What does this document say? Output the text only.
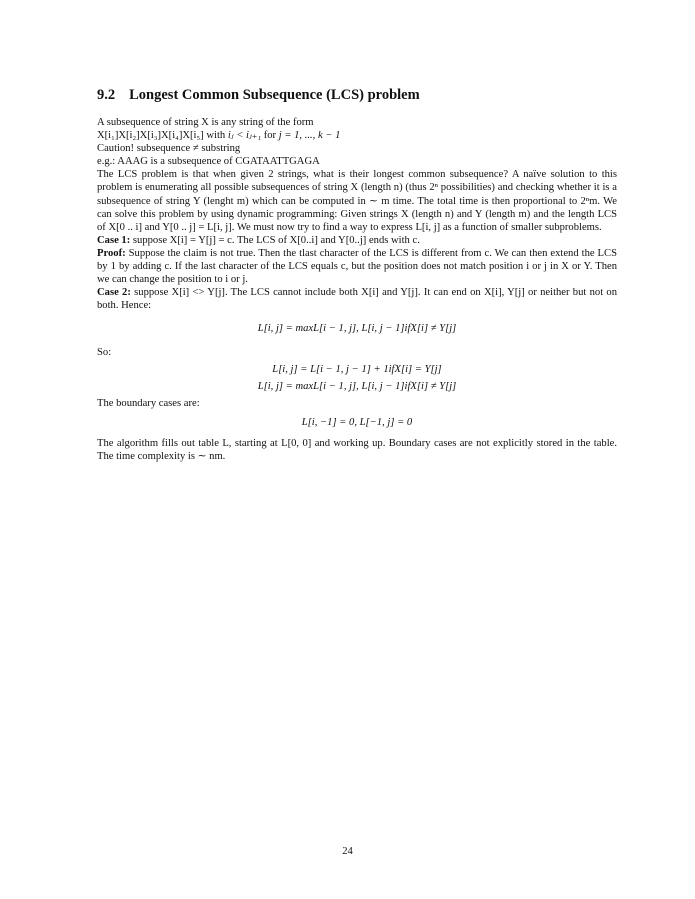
9.2 Longest Common Subsequence (LCS) problem
A subsequence of string X is any string of the form
X[i₁]X[i₂]X[i₃]X[i₄]X[i₅] with iⱼ < iⱼ₊₁ for j = 1, ..., k − 1
Caution! subsequence ≠ substring
e.g.: AAAG is a subsequence of CGATAATTGAGA

The LCS problem is that when given 2 strings, what is their longest common subsequence? A naïve solution to this problem is enumerating all possible subsequences of string X (length n) (thus 2ⁿ possibilities) and checking whether it is a subsequence of string Y (lenght m) which can be computed in ∼ m time. The total time is then proportional to 2ⁿm. We can solve this problem by using dynamic programming: Given strings X (length n) and Y (length m) and the length LCS of X[0 .. i] and Y[0 .. j] = L[i, j]. We must now try to find a way to express L[i, j] as a function of smaller subproblems.

Case 1: suppose X[i] = Y[j] = c. The LCS of X[0..i] and Y[0..j] ends with c.

Proof: Suppose the claim is not true. Then the tlast character of the LCS is different from c. We can then extend the LCS by 1 by adding c. If the last character of the LCS equals c, but the position does not match position i or j in X or Y. Then we can change the position to i or j.

Case 2: suppose X[i] <> Y[j]. The LCS cannot include both X[i] and Y[j]. It can end on X[i], Y[j] or neither but not on both. Hence:

L[i, j] = maxL[i − 1, j], L[i, j − 1]ifX[i] ≠ Y[j]
So:
L[i, j] = L[i − 1, j − 1] + 1ifX[i] = Y[j]
L[i, j] = maxL[i − 1, j], L[i, j − 1]ifX[i] ≠ Y[j]
The boundary cases are:
L[i, −1] = 0, L[−1, j] = 0

The algorithm fills out table L, starting at L[0, 0] and working up. Boundary cases are not explicitly stored in the table. The time complexity is ∼ nm.

24
